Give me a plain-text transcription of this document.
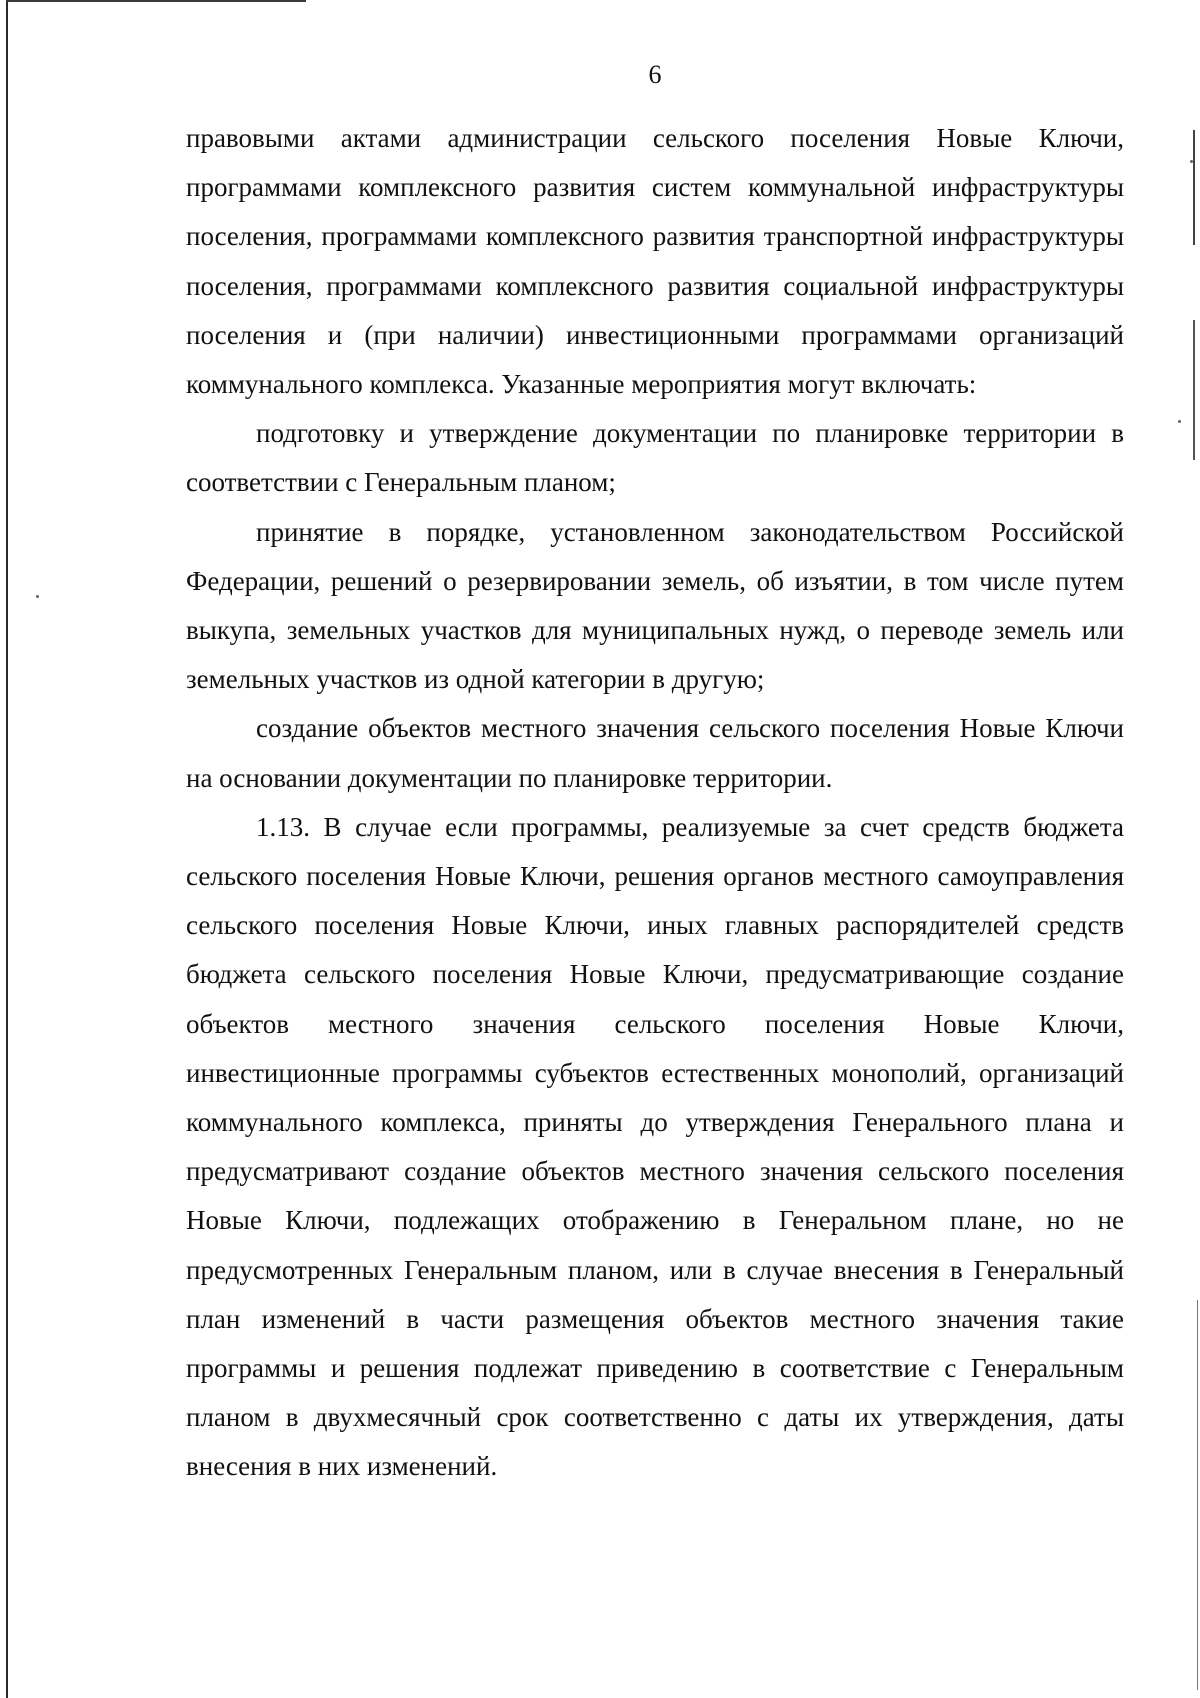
6

правовыми актами администрации сельского поселения Новые Ключи, программами комплексного развития систем коммунальной инфраструктуры поселения, программами комплексного развития транспортной инфраструктуры поселения, программами комплексного развития социальной инфраструктуры поселения и (при наличии) инвестиционными программами организаций коммунального комплекса. Указанные мероприятия могут включать:

подготовку и утверждение документации по планировке территории в соответствии с Генеральным планом;

принятие в порядке, установленном законодательством Российской Федерации, решений о резервировании земель, об изъятии, в том числе путем выкупа, земельных участков для муниципальных нужд, о переводе земель или земельных участков из одной категории в другую;

создание объектов местного значения сельского поселения Новые Ключи на основании документации по планировке территории.

1.13. В случае если программы, реализуемые за счет средств бюджета сельского поселения Новые Ключи, решения органов местного самоуправления сельского поселения Новые Ключи, иных главных распорядителей средств бюджета сельского поселения Новые Ключи, предусматривающие создание объектов местного значения сельского поселения Новые Ключи, инвестиционные программы субъектов естественных монополий, организаций коммунального комплекса, приняты до утверждения Генерального плана и предусматривают создание объектов местного значения сельского поселения Новые Ключи, подлежащих отображению в Генеральном плане, но не предусмотренных Генеральным планом, или в случае внесения в Генеральный план изменений в части размещения объектов местного значения такие программы и решения подлежат приведению в соответствие с Генеральным планом в двухмесячный срок соответственно с даты их утверждения, даты внесения в них изменений.
